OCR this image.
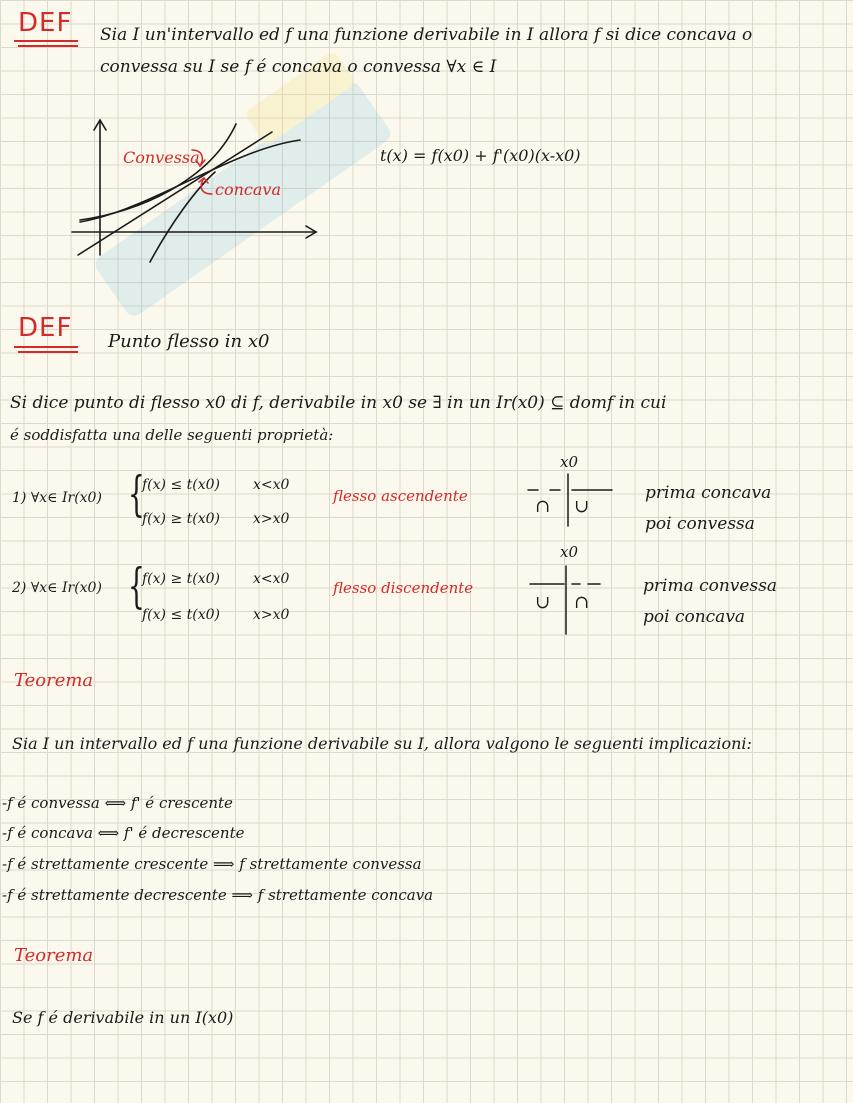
DEF Sia I un'intervallo ed f una funzione derivabile in I allora f si dice concava o
convessa su I se f é concava o convessa ∀x ∈ I
Convessa
concava
t(x) = f(x0) + f'(x0)(x-x0)
DEF Punto flesso in x0
Si dice punto di flesso x0 di f, derivabile in x0 se ∃ in un Ir(x0) ⊆ domf in cui
é soddisfatta una delle seguenti proprietà:
1) ∀x∈ Ir(x0) {
f(x) ≤ t(x0) x<x0
f(x) ≥ t(x0) x>x0
flesso ascendente
x0
∩ ∪
prima concava
poi convessa
2) ∀x∈ Ir(x0) {
f(x) ≥ t(x0) x<x0
f(x) ≤ t(x0) x>x0
flesso discendente
x0
∪ ∩
prima convessa
poi concava
Teorema
Sia I un intervallo ed f una funzione derivabile su I, allora valgono le seguenti implicazioni:
-f é convessa ⟺ f' é crescente
-f é concava ⟺ f' é decrescente
-f é strettamente crescente ⟹ f strettamente convessa
-f é strettamente decrescente ⟹ f strettamente concava
Teorema
Se f é derivabile in un I(x0)
